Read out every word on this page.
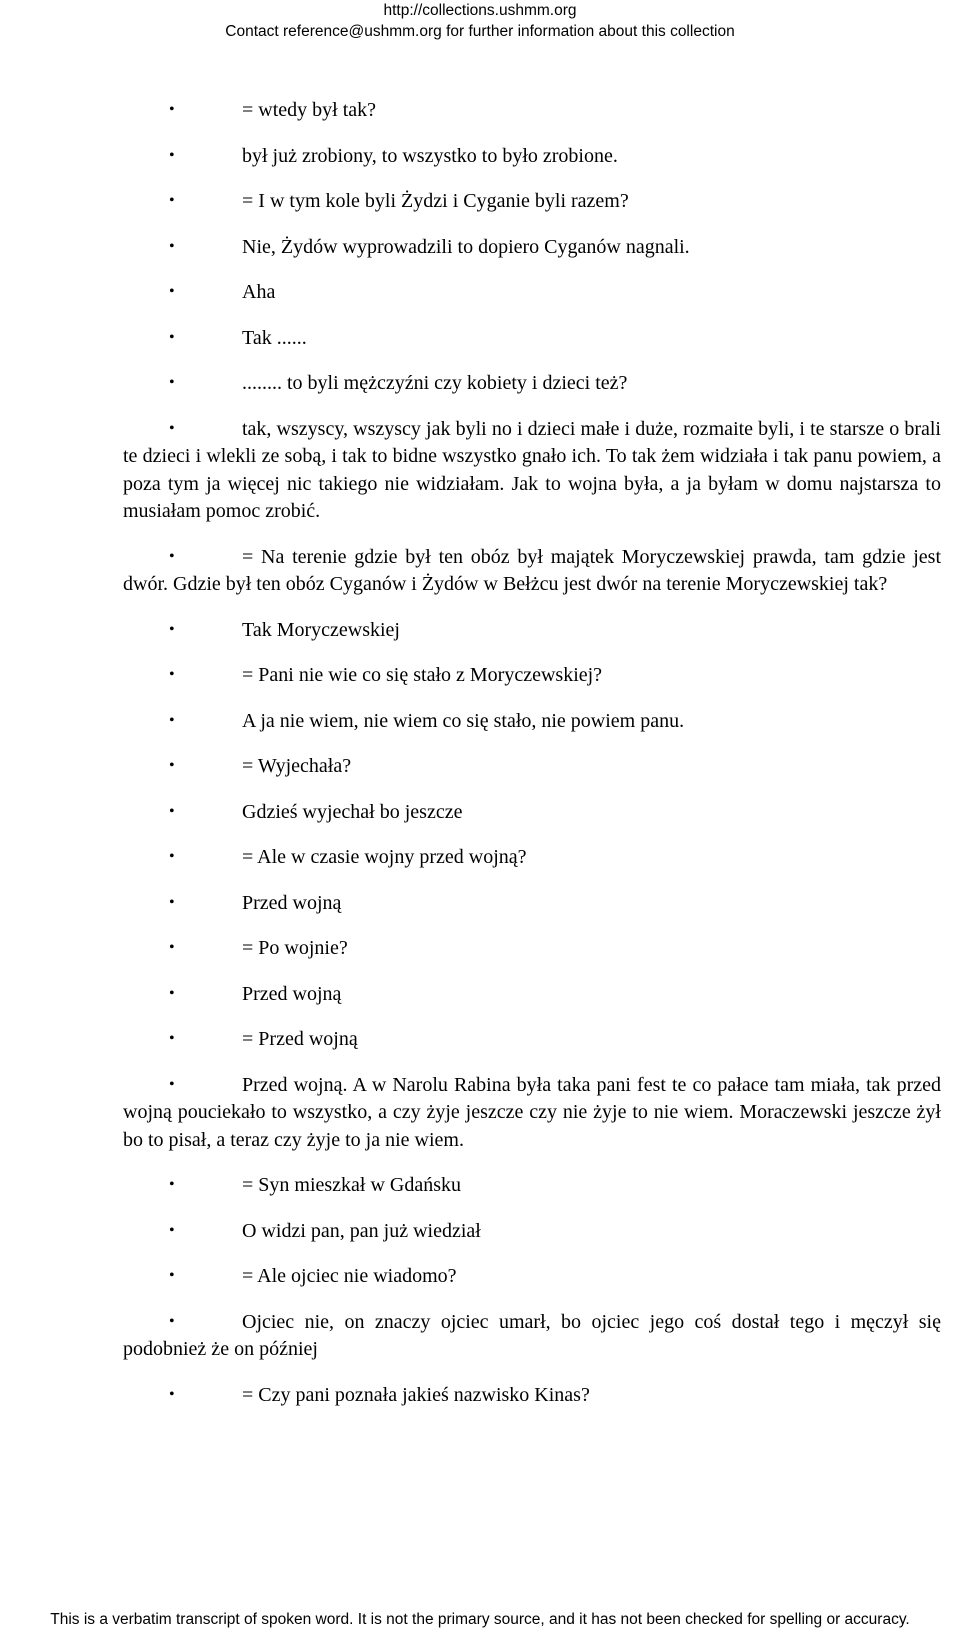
http://collections.ushmm.org
Contact reference@ushmm.org for further information about this collection

•	= wtedy był tak?

•	był już zrobiony, to wszystko to było zrobione.

•	= I w tym kole byli Żydzi i Cyganie byli razem?

•	Nie, Żydów wyprowadzili to dopiero Cyganów nagnali.

•	Aha

•	Tak ......

•	........ to byli mężczyźni czy kobiety i dzieci też?

•	tak, wszyscy, wszyscy jak byli no i dzieci małe i duże, rozmaite byli, i te starsze o brali te dzieci i wlekli ze sobą, i tak to bidne wszystko gnało ich. To tak żem widziała i tak panu powiem, a poza tym ja więcej nic takiego nie widziałam. Jak to wojna była, a ja byłam w domu najstarsza to musiałam pomoc zrobić.

•	= Na terenie gdzie był ten obóz był majątek Moryczewskiej prawda, tam gdzie jest dwór. Gdzie był ten obóz Cyganów i Żydów w Bełżcu jest dwór na terenie Moryczewskiej tak?

•	Tak Moryczewskiej

•	= Pani nie wie co się stało z Moryczewskiej?

•	A ja nie wiem, nie wiem co się stało, nie powiem panu.

•	= Wyjechała?

•	Gdzieś wyjechał bo jeszcze

•	= Ale w czasie wojny przed wojną?

•	Przed wojną

•	= Po wojnie?

•	Przed wojną

•	= Przed wojną

•	Przed wojną. A w Narolu Rabina była taka pani fest te co pałace tam miała, tak przed wojną pouciekało to wszystko, a czy żyje jeszcze czy nie żyje to nie wiem. Moraczewski jeszcze żył bo to pisał, a teraz czy żyje to ja nie wiem.

•	= Syn mieszkał w Gdańsku

•	O widzi pan, pan już wiedział

•	= Ale ojciec nie wiadomo?

•	Ojciec nie, on znaczy ojciec umarł, bo ojciec jego coś dostał tego i męczył się podobnież że on później

•	= Czy pani poznała jakieś nazwisko Kinas?

This is a verbatim transcript of spoken word. It is not the primary source, and it has not been checked for spelling or accuracy.
